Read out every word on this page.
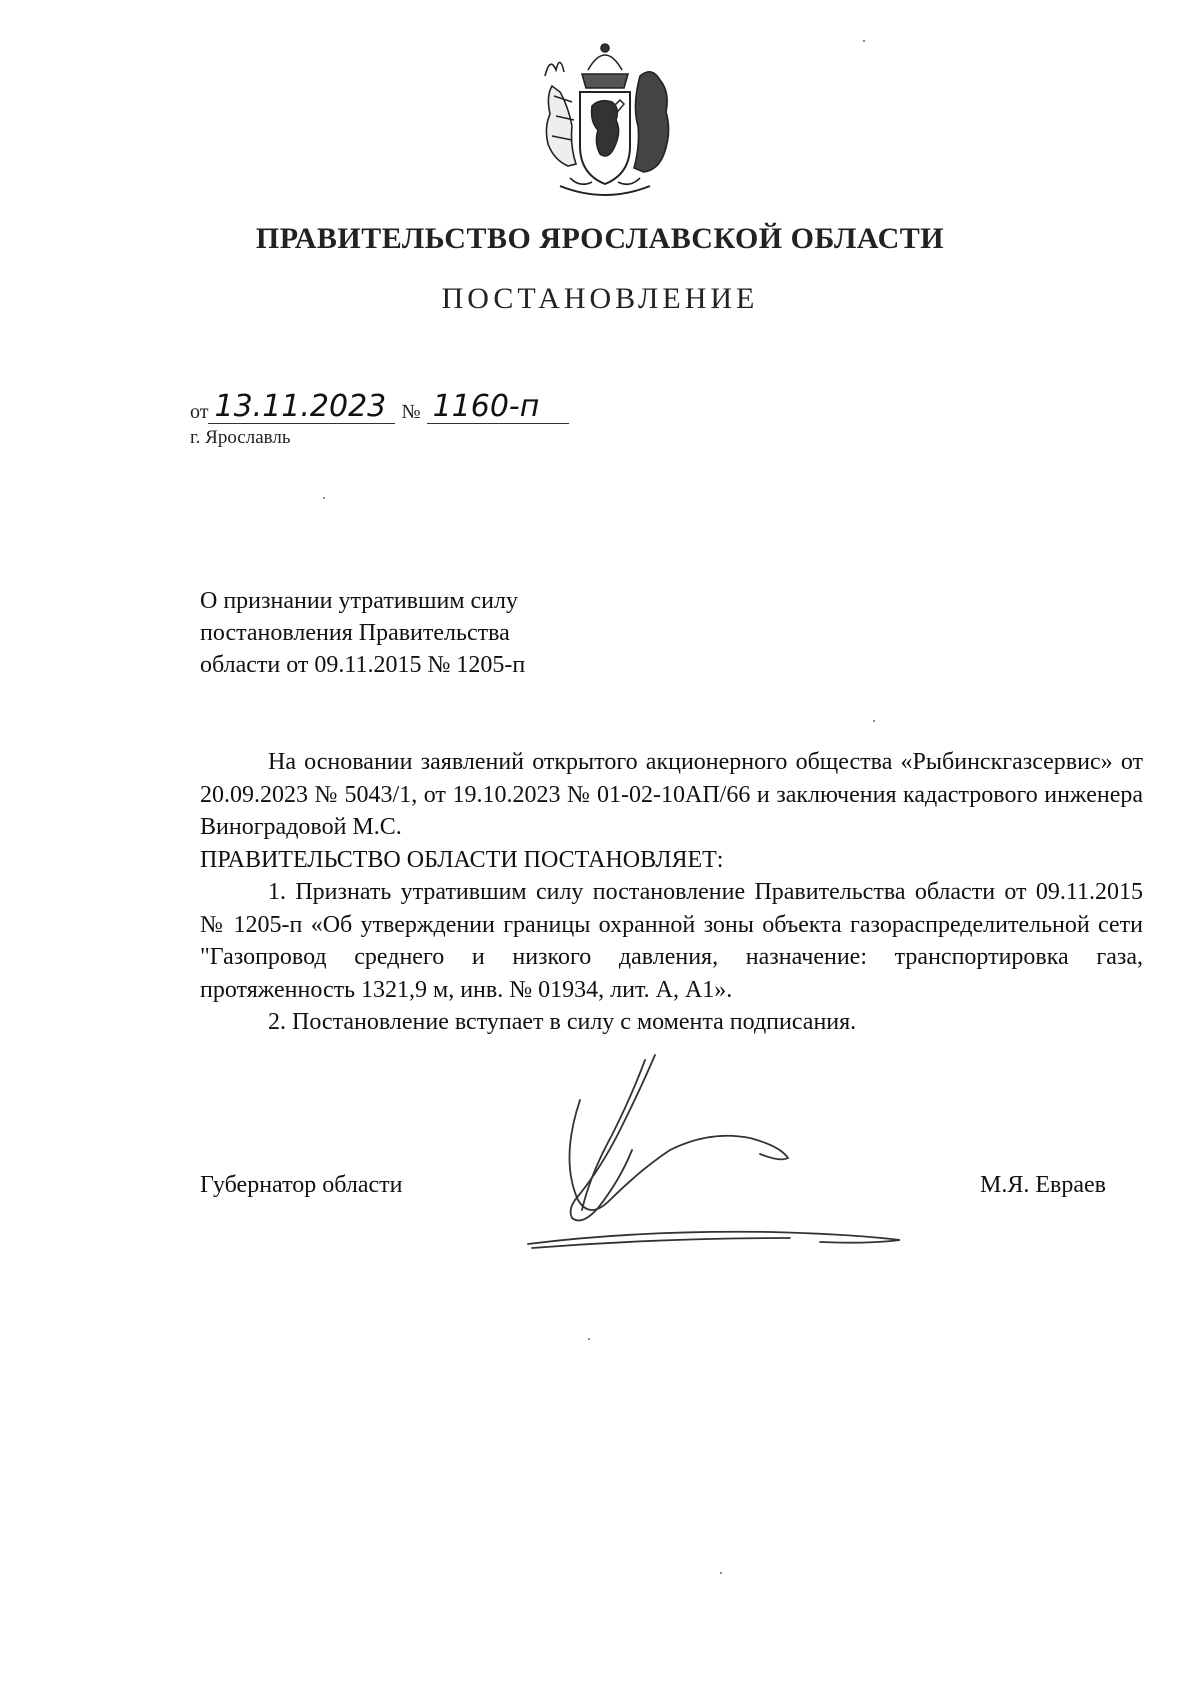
ПРАВИТЕЛЬСТВО ЯРОСЛАВСКОЙ ОБЛАСТИ
ПОСТАНОВЛЕНИЕ
от 13.11.2023 № 1160-п
г. Ярославль
О признании утратившим силу
постановления Правительства
области от 09.11.2015 № 1205-п

На основании заявлений открытого акционерного общества «Рыбинскгазсервис» от 20.09.2023 № 5043/1, от 19.10.2023 № 01-02-10АП/66 и заключения кадастрового инженера Виноградовой М.С.

ПРАВИТЕЛЬСТВО ОБЛАСТИ ПОСТАНОВЛЯЕТ:

1. Признать утратившим силу постановление Правительства области от 09.11.2015 № 1205-п «Об утверждении границы охранной зоны объекта газораспределительной сети "Газопровод среднего и низкого давления, назначение: транспортировка газа, протяженность 1321,9 м, инв. № 01934, лит. А, А1».

2. Постановление вступает в силу с момента подписания.

Губернатор области	М.Я. Евраев
